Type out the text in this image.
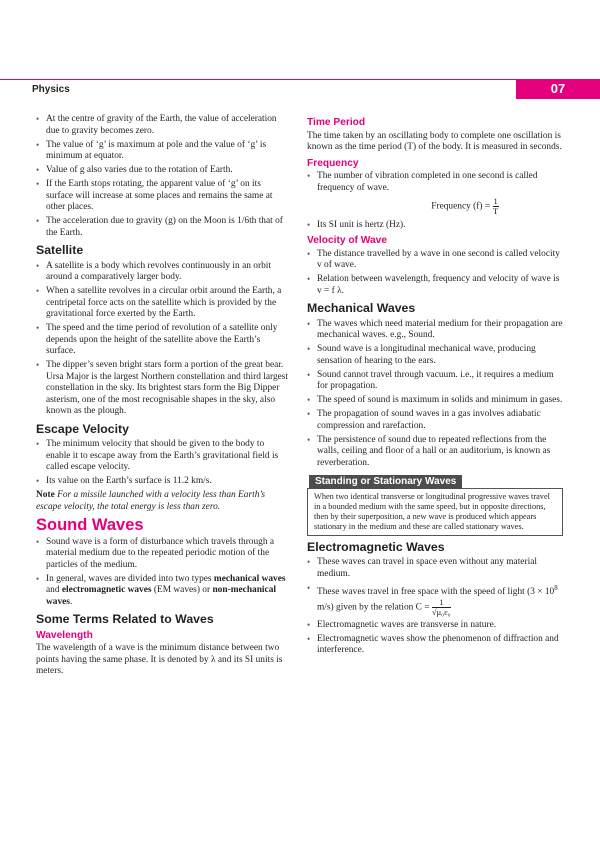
Physics	07
• At the centre of gravity of the Earth, the value of acceleration due to gravity becomes zero.
• The value of ‘g’ is maximum at pole and the value of ‘g’ is minimum at equator.
• Value of g also varies due to the rotation of Earth.
• If the Earth stops rotating, the apparent value of ‘g’ on its surface will increase at some places and remains the same at other places.
• The acceleration due to gravity (g) on the Moon is 1/6th that of the Earth.
Satellite
• A satellite is a body which revolves continuously in an orbit around a comparatively larger body.
• When a satellite revolves in a circular orbit around the Earth, a centripetal force acts on the satellite which is provided by the gravitational force exerted by the Earth.
• The speed and the time period of revolution of a satellite only depends upon the height of the satellite above the Earth’s surface.
• The dipper’s seven bright stars form a portion of the great bear. Ursa Major is the largest Northern constellation and third largest constellation in the sky. Its brightest stars form the Big Dipper asterism, one of the most recognisable shapes in the sky, also known as the plough.
Escape Velocity
• The minimum velocity that should be given to the body to enable it to escape away from the Earth’s gravitational field is called escape velocity.
• Its value on the Earth’s surface is 11.2 km/s.

Note For a missile launched with a velocity less than Earth’s escape velocity, the total energy is less than zero.

Sound Waves
• Sound wave is a form of disturbance which travels through a material medium due to the repeated periodic motion of the particles of the medium.
• In general, waves are divided into two types mechanical waves and electromagnetic waves (EM waves) or non-mechanical waves.
Some Terms Related to Waves
Wavelength

The wavelength of a wave is the minimum distance between two points having the same phase. It is denoted by λ and its SI units is meters.

Time Period

The time taken by an oscillating body to complete one oscillation is known as the time period (T) of the body. It is measured in seconds.

Frequency
• The number of vibration completed in one second is called frequency of wave.
Frequency $(f) = \frac{1}{T}$
• Its SI unit is hertz (Hz).
Velocity of Wave
• The distance travelled by a wave in one second is called velocity v of wave.
• Relation between wavelength, frequency and velocity of wave is v = f λ.
Mechanical Waves
• The waves which need material medium for their propagation are mechanical waves. e.g., Sound.
• Sound wave is a longitudinal mechanical wave, producing sensation of hearing to the ears.
• Sound cannot travel through vacuum. i.e., it requires a medium for propagation.
• The speed of sound is maximum in solids and minimum in gases.
• The propagation of sound waves in a gas involves adiabatic compression and rarefaction.
• The persistence of sound due to repeated reflections from the walls, ceiling and floor of a hall or an auditorium, is known as reverberation.
Standing or Stationary Waves
When two identical transverse or longitudinal progressive waves travel in a bounded medium with the same speed, but in opposite directions, then by their superposition, a new wave is produced which appears stationary in the medium and these are called stationary waves.
Electromagnetic Waves
• These waves can travel in space even without any material medium.
• These waves travel in free space with the speed of light ($3 \times 10^8$ m/s) given by the relation $C = \frac{1}{\text{√μ₀ε₀}}$
• Electromagnetic waves are transverse in nature.
• Electromagnetic waves show the phenomenon of diffraction and interference.
